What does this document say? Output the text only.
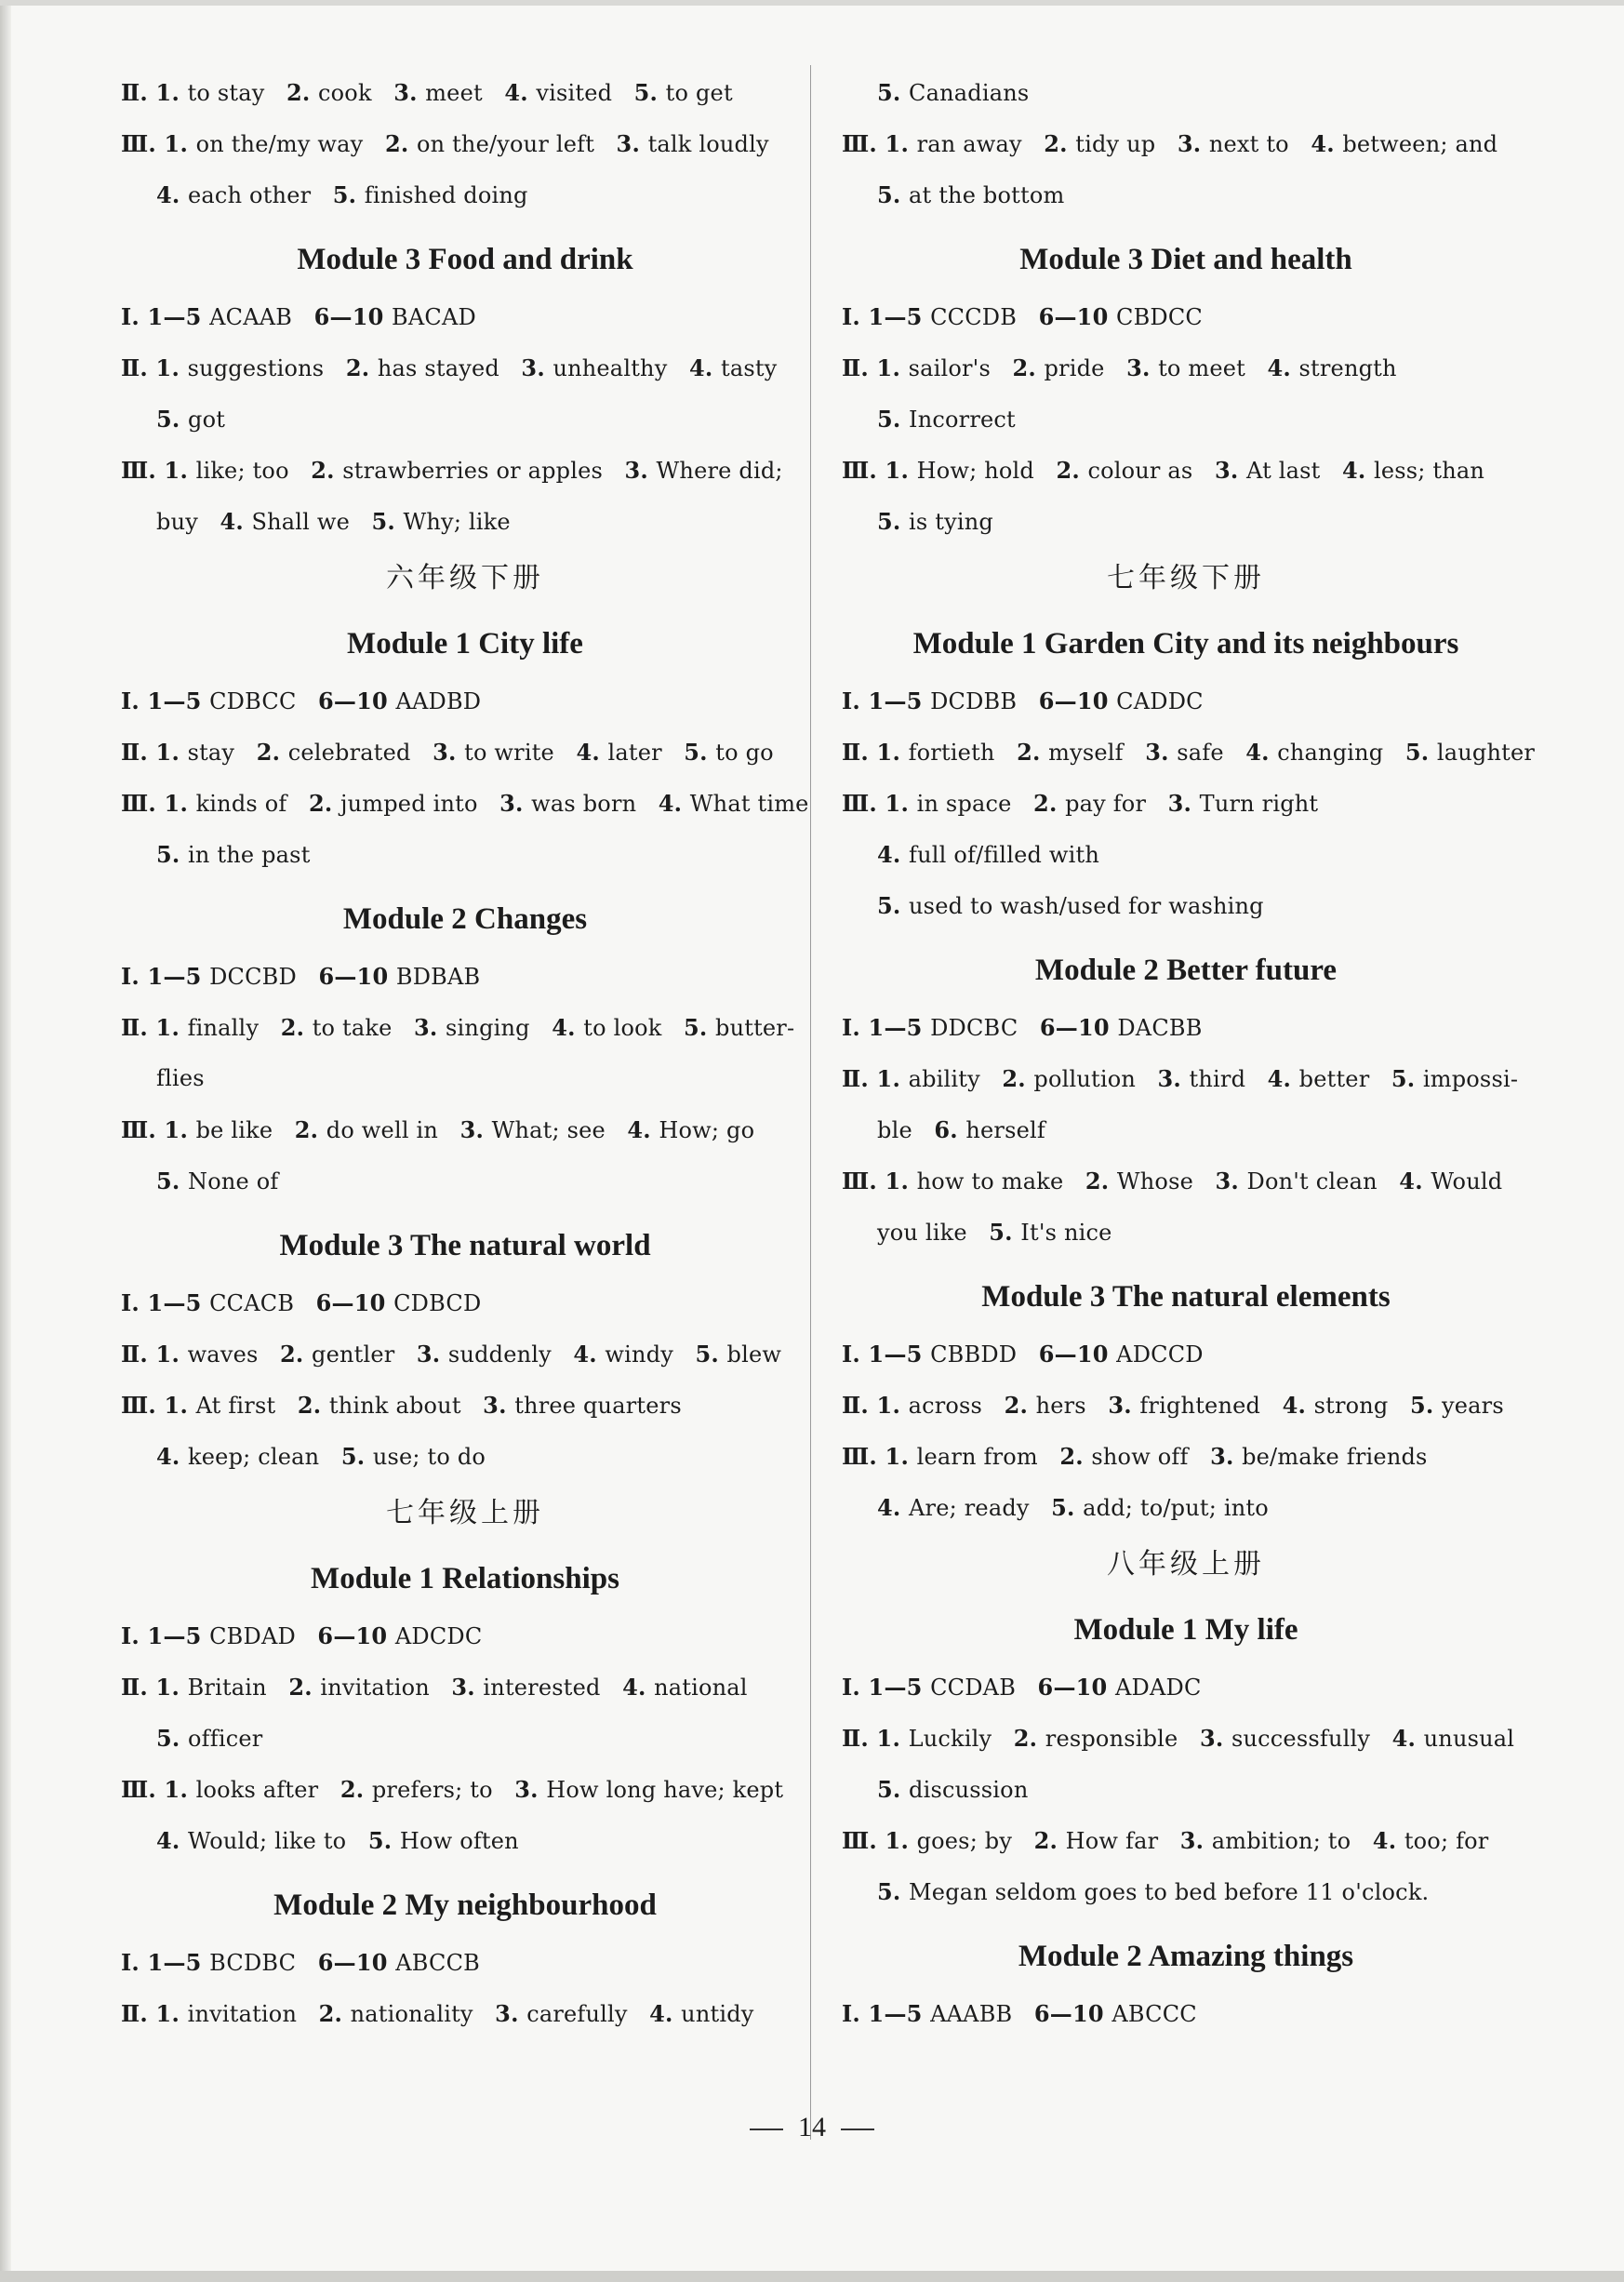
Ⅱ. 1. to stay   2. cook   3. meet   4. visited   5. to get
Ⅲ. 1. on the/my way   2. on the/your left   3. talk loudly
4. each other   5. finished doing
Module 3 Food and drink
Ⅰ. 1—5 ACAAB   6—10 BACAD
Ⅱ. 1. suggestions   2. has stayed   3. unhealthy   4. tasty
5. got
Ⅲ. 1. like; too   2. strawberries or apples   3. Where did;
buy   4. Shall we   5. Why; like
六年级下册
Module 1 City life
Ⅰ. 1—5 CDBCC   6—10 AADBD
Ⅱ. 1. stay   2. celebrated   3. to write   4. later   5. to go
Ⅲ. 1. kinds of   2. jumped into   3. was born   4. What time
5. in the past
Module 2 Changes
Ⅰ. 1—5 DCCBD   6—10 BDBAB
Ⅱ. 1. finally   2. to take   3. singing   4. to look   5. butter-
flies
Ⅲ. 1. be like   2. do well in   3. What; see   4. How; go
5. None of
Module 3 The natural world
Ⅰ. 1—5 CCACB   6—10 CDBCD
Ⅱ. 1. waves   2. gentler   3. suddenly   4. windy   5. blew
Ⅲ. 1. At first   2. think about   3. three quarters
4. keep; clean   5. use; to do
七年级上册
Module 1 Relationships
Ⅰ. 1—5 CBDAD   6—10 ADCDC
Ⅱ. 1. Britain   2. invitation   3. interested   4. national
5. officer
Ⅲ. 1. looks after   2. prefers; to   3. How long have; kept
4. Would; like to   5. How often
Module 2 My neighbourhood
Ⅰ. 1—5 BCDBC   6—10 ABCCB
Ⅱ. 1. invitation   2. nationality   3. carefully   4. untidy
5. Canadians
Ⅲ. 1. ran away   2. tidy up   3. next to   4. between; and
5. at the bottom
Module 3 Diet and health
Ⅰ. 1—5 CCCDB   6—10 CBDCC
Ⅱ. 1. sailor's   2. pride   3. to meet   4. strength
5. Incorrect
Ⅲ. 1. How; hold   2. colour as   3. At last   4. less; than
5. is tying
七年级下册
Module 1 Garden City and its neighbours
Ⅰ. 1—5 DCDBB   6—10 CADDC
Ⅱ. 1. fortieth   2. myself   3. safe   4. changing   5. laughter
Ⅲ. 1. in space   2. pay for   3. Turn right
4. full of/filled with
5. used to wash/used for washing
Module 2 Better future
Ⅰ. 1—5 DDCBC   6—10 DACBB
Ⅱ. 1. ability   2. pollution   3. third   4. better   5. impossi-
ble   6. herself
Ⅲ. 1. how to make   2. Whose   3. Don't clean   4. Would
you like   5. It's nice
Module 3 The natural elements
Ⅰ. 1—5 CBBDD   6—10 ADCCD
Ⅱ. 1. across   2. hers   3. frightened   4. strong   5. years
Ⅲ. 1. learn from   2. show off   3. be/make friends
4. Are; ready   5. add; to/put; into
八年级上册
Module 1 My life
Ⅰ. 1—5 CCDAB   6—10 ADADC
Ⅱ. 1. Luckily   2. responsible   3. successfully   4. unusual
5. discussion
Ⅲ. 1. goes; by   2. How far   3. ambition; to   4. too; for
5. Megan seldom goes to bed before 11 o'clock.
Module 2 Amazing things
Ⅰ. 1—5 AAABB   6—10 ABCCC
14
